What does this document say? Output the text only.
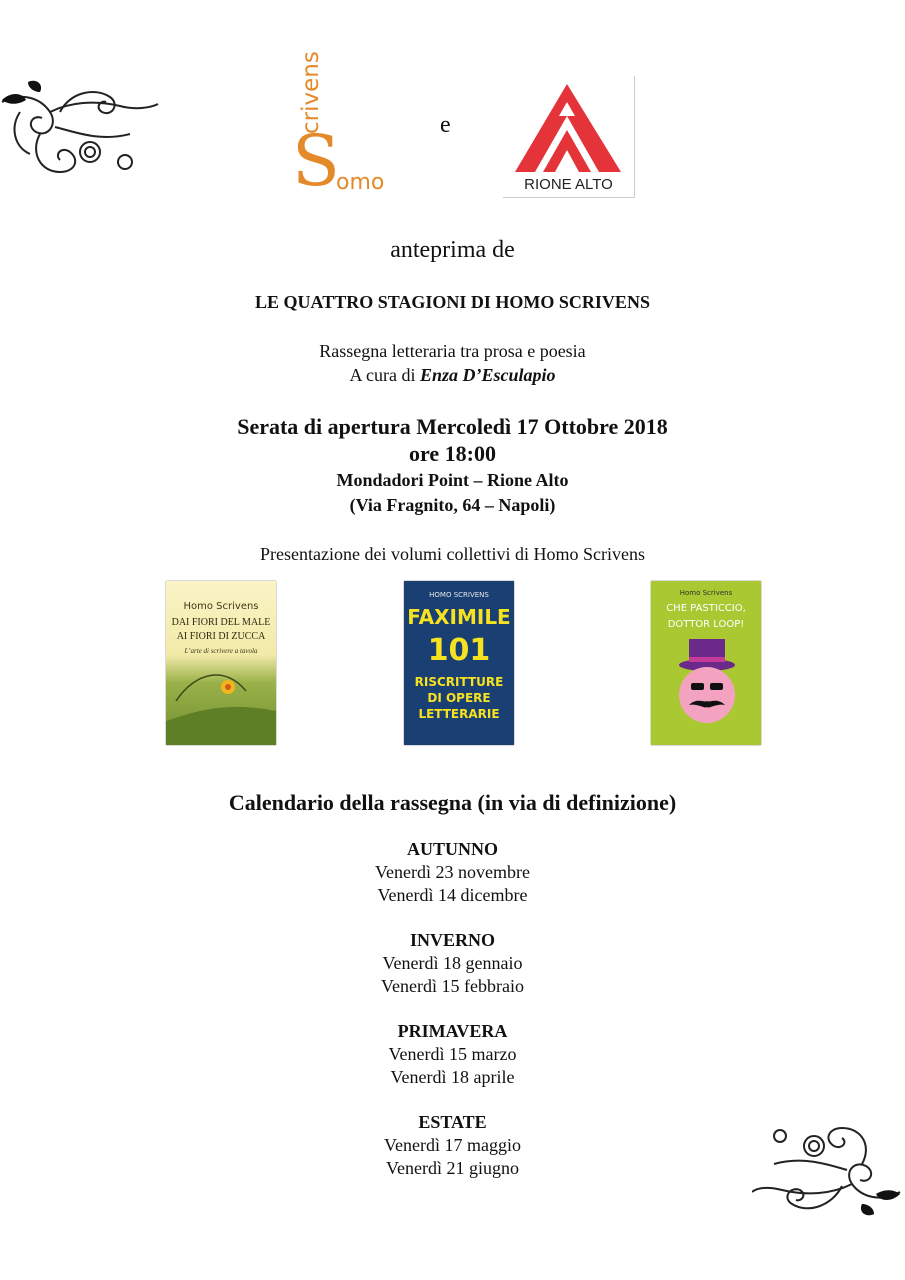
S
crivens
omo
e
RIONE ALTO
anteprima de
LE QUATTRO STAGIONI DI HOMO SCRIVENS
Rassegna letteraria tra prosa e poesia
A cura di Enza D’Esculapio
Serata di apertura Mercoledì 17 Ottobre 2018
ore 18:00
Mondadori Point – Rione Alto
(Via Fragnito, 64 – Napoli)
Presentazione dei volumi collettivi di Homo Scrivens
Homo Scrivens
DAI FIORI DEL MALE
AI FIORI DI ZUCCA
L’arte di scrivere a tavola
HOMO SCRIVENS
FAXIMILE
101
RISCRITTURE
DI OPERE
LETTERARIE
Homo Scrivens
CHE PASTICCIO,
DOTTOR LOOP!
Calendario della rassegna (in via di definizione)
AUTUNNO
Venerdì 23 novembre
Venerdì 14 dicembre
INVERNO
Venerdì 18 gennaio
Venerdì 15 febbraio
PRIMAVERA
Venerdì 15 marzo
Venerdì 18 aprile
ESTATE
Venerdì 17 maggio
Venerdì 21 giugno
